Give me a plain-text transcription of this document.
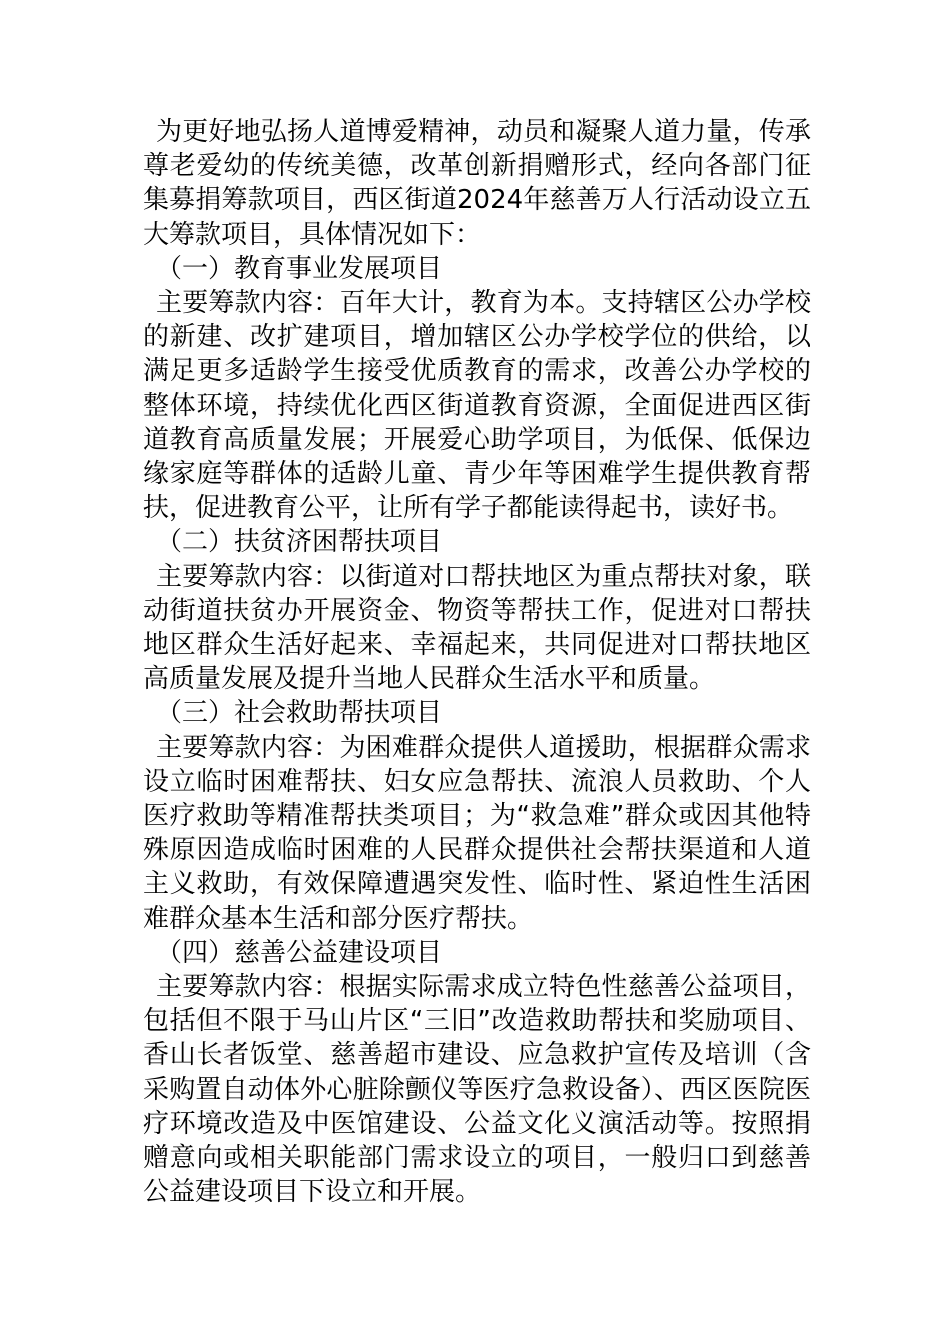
为更好地弘扬人道博爱精神，动员和凝聚人道力量，传承尊老爱幼的传统美德，改革创新捐赠形式，经向各部门征集募捐筹款项目，西区街道2024年慈善万人行活动设立五大筹款项目，具体情况如下：

（一）教育事业发展项目

主要筹款内容：百年大计，教育为本。支持辖区公办学校的新建、改扩建项目，增加辖区公办学校学位的供给，以满足更多适龄学生接受优质教育的需求，改善公办学校的整体环境，持续优化西区街道教育资源，全面促进西区街道教育高质量发展；开展爱心助学项目，为低保、低保边缘家庭等群体的适龄儿童、青少年等困难学生提供教育帮扶，促进教育公平，让所有学子都能读得起书，读好书。

（二）扶贫济困帮扶项目

主要筹款内容：以街道对口帮扶地区为重点帮扶对象，联动街道扶贫办开展资金、物资等帮扶工作，促进对口帮扶地区群众生活好起来、幸福起来，共同促进对口帮扶地区高质量发展及提升当地人民群众生活水平和质量。

（三）社会救助帮扶项目

主要筹款内容：为困难群众提供人道援助，根据群众需求设立临时困难帮扶、妇女应急帮扶、流浪人员救助、个人医疗救助等精准帮扶类项目；为“救急难”群众或因其他特殊原因造成临时困难的人民群众提供社会帮扶渠道和人道主义救助，有效保障遭遇突发性、临时性、紧迫性生活困难群众基本生活和部分医疗帮扶。

（四）慈善公益建设项目

主要筹款内容：根据实际需求成立特色性慈善公益项目，包括但不限于马山片区“三旧”改造救助帮扶和奖励项目、香山长者饭堂、慈善超市建设、应急救护宣传及培训（含采购置自动体外心脏除颤仪等医疗急救设备）、西区医院医疗环境改造及中医馆建设、公益文化义演活动等。按照捐赠意向或相关职能部门需求设立的项目，一般归口到慈善公益建设项目下设立和开展。
